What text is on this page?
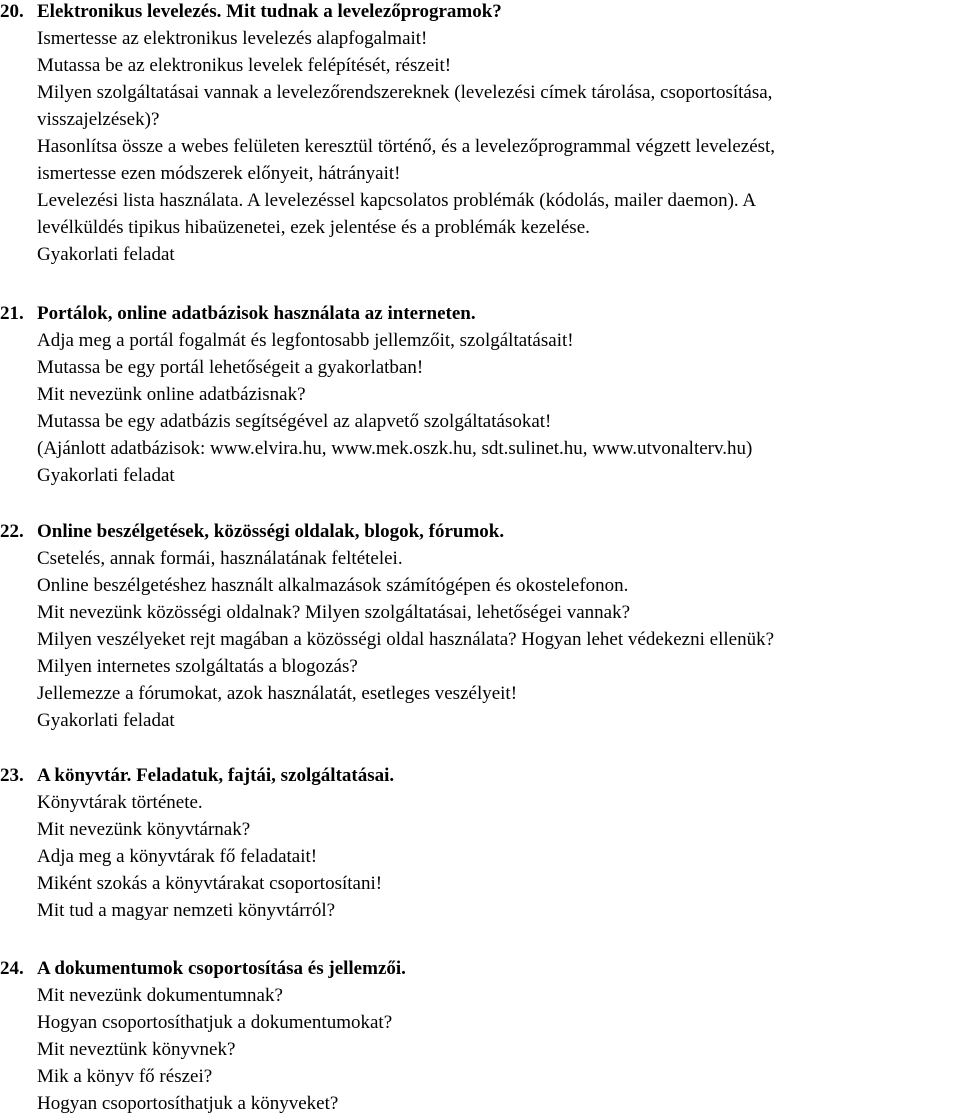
20. Elektronikus levelezés. Mit tudnak a levelezőprogramok?
Ismertesse az elektronikus levelezés alapfogalmait!
Mutassa be az elektronikus levelek felépítését, részeit!
Milyen szolgáltatásai vannak a levelezőrendszereknek (levelezési címek tárolása, csoportosítása,
visszajelzések)?
Hasonlítsa össze a webes felületen keresztül történő, és a levelezőprogrammal végzett levelezést,
ismertesse ezen módszerek előnyeit, hátrányait!
Levelezési lista használata. A levelezéssel kapcsolatos problémák (kódolás, mailer daemon). A
levélküldés tipikus hibaüzenetei, ezek jelentése és a problémák kezelése.
Gyakorlati feladat
21. Portálok, online adatbázisok használata az interneten.
Adja meg a portál fogalmát és legfontosabb jellemzőit, szolgáltatásait!
Mutassa be egy portál lehetőségeit a gyakorlatban!
Mit nevezünk online adatbázisnak?
Mutassa be egy adatbázis segítségével az alapvető szolgáltatásokat!
(Ajánlott adatbázisok: www.elvira.hu, www.mek.oszk.hu, sdt.sulinet.hu, www.utvonalterv.hu)
Gyakorlati feladat
22. Online beszélgetések, közösségi oldalak, blogok, fórumok.
Csetelés, annak formái, használatának feltételei.
Online beszélgetéshez használt alkalmazások számítógépen és okostelefonon.
Mit nevezünk közösségi oldalnak? Milyen szolgáltatásai, lehetőségei vannak?
Milyen veszélyeket rejt magában a közösségi oldal használata? Hogyan lehet védekezni ellenük?
Milyen internetes szolgáltatás a blogozás?
Jellemezze a fórumokat, azok használatát, esetleges veszélyeit!
Gyakorlati feladat
23. A könyvtár. Feladatuk, fajtái, szolgáltatásai.
Könyvtárak története.
Mit nevezünk könyvtárnak?
Adja meg a könyvtárak fő feladatait!
Miként szokás a könyvtárakat csoportosítani!
Mit tud a magyar nemzeti könyvtárról?
24. A dokumentumok csoportosítása és jellemzői.
Mit nevezünk dokumentumnak?
Hogyan csoportosíthatjuk a dokumentumokat?
Mit neveztünk könyvnek?
Mik a könyv fő részei?
Hogyan csoportosíthatjuk a könyveket?
